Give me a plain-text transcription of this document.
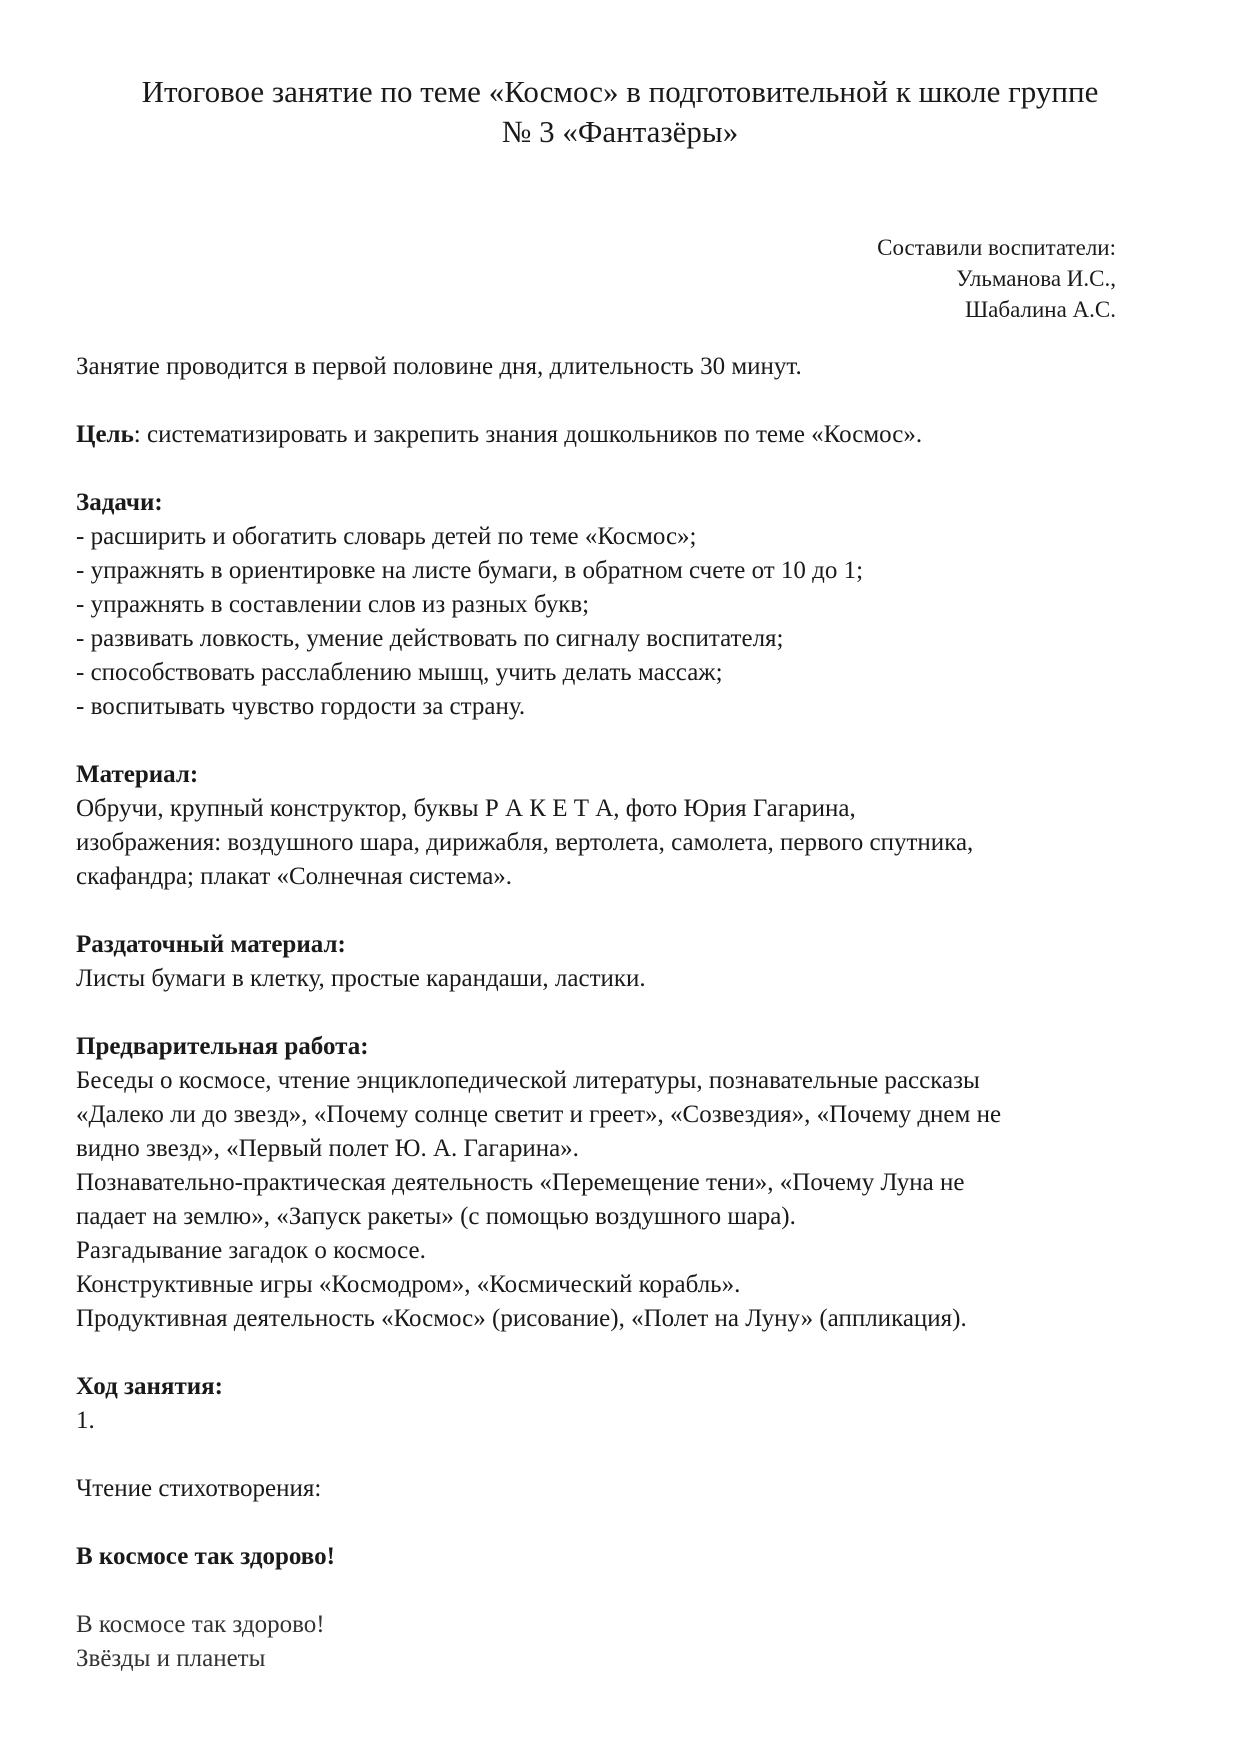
Итоговое занятие по теме «Космос» в подготовительной к школе группе
№ 3 «Фантазёры»
Составили воспитатели:
Ульманова И.С.,
Шабалина А.С.

Занятие проводится в первой половине дня, длительность 30 минут.

Цель: систематизировать и закрепить знания дошкольников по теме «Космос».

Задачи:

- расширить и обогатить словарь детей по теме «Космос»;

- упражнять в ориентировке на листе бумаги, в обратном счете от 10 до 1;

- упражнять в составлении слов из разных букв;

- развивать ловкость, умение действовать по сигналу воспитателя;

- способствовать расслаблению мышц, учить делать массаж;

- воспитывать чувство гордости за страну.

Материал:

Обручи, крупный конструктор, буквы Р А К Е Т А, фото Юрия Гагарина,

изображения: воздушного шара, дирижабля, вертолета, самолета, первого спутника,

скафандра; плакат «Солнечная система».

Раздаточный материал:

Листы бумаги в клетку, простые карандаши, ластики.

Предварительная работа:

Беседы о космосе, чтение энциклопедической литературы, познавательные рассказы

«Далеко ли до звезд», «Почему солнце светит и греет», «Созвездия», «Почему днем не

видно звезд», «Первый полет Ю. А. Гагарина».

Познавательно-практическая деятельность «Перемещение тени», «Почему Луна не

падает на землю», «Запуск ракеты» (с помощью воздушного шара).

Разгадывание загадок о космосе.

Конструктивные игры «Космодром», «Космический корабль».

Продуктивная деятельность «Космос» (рисование), «Полет на Луну» (аппликация).

Ход занятия:

1.

Чтение стихотворения:

В космосе так здорово!

В космосе так здорово!

Звёзды и планеты
